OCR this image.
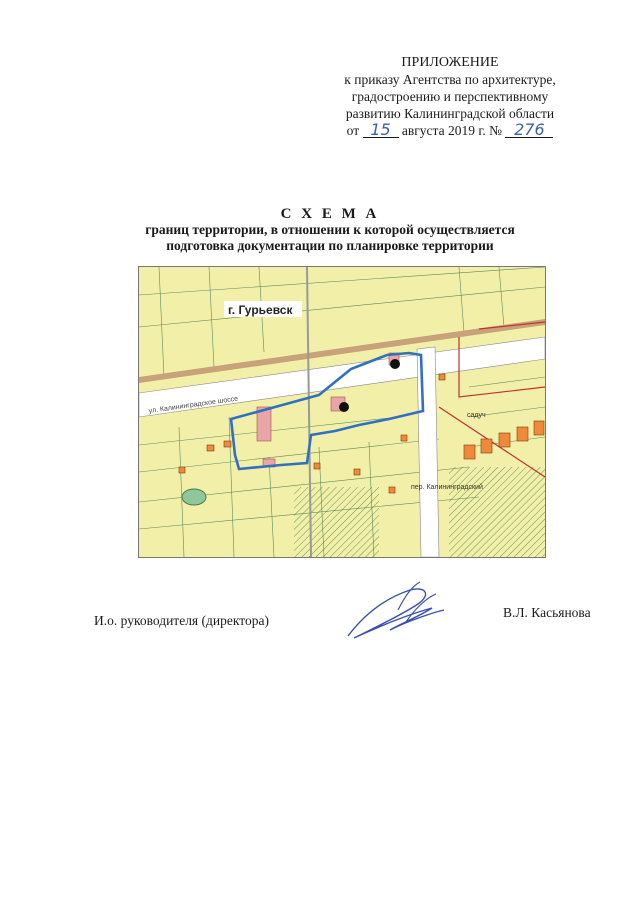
ПРИЛОЖЕНИЕ
к приказу Агентства по архитектуре,
градостроению и перспективному
развитию Калининградской области
от 15 августа 2019 г. № 276
С Х Е М А
границ территории, в отношении к которой осуществляется
подготовка документации по планировке территории
г. Гурьевск
ул. Калининградское шоссе
пер. Калининградский
садуч
И.о. руководителя (директора)
В.Л. Касьянова
